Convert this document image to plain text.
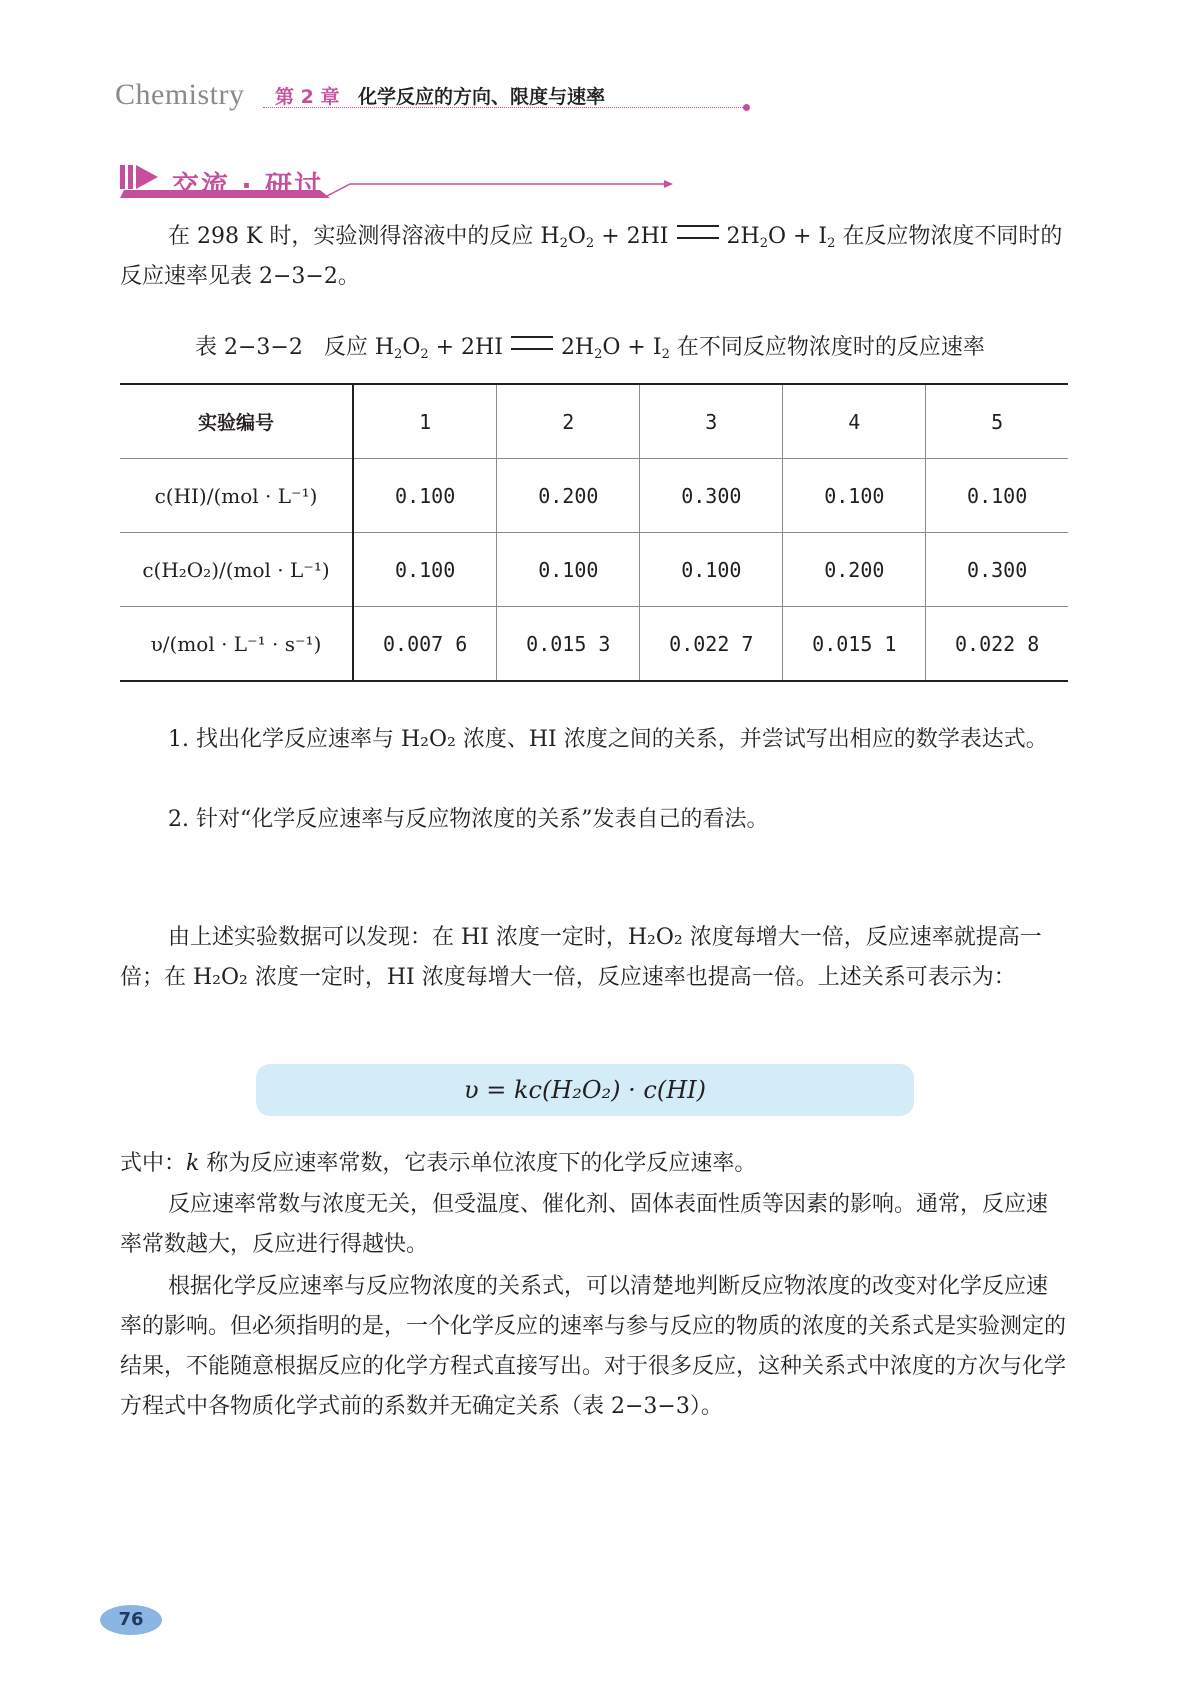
Chemistry 第 2 章 化学反应的方向、限度与速率
交流 · 研讨
在 298 K 时，实验测得溶液中的反应 $H_2O_2 + 2HI$	$2H_2O + I_2$ 在反应物浓度不同时的反应速率见表 2−3−2。
表 2−3−2 反应 $H_2O_2 + 2HI$	$2H_2O + I_2$ 在不同反应物浓度时的反应速率
实验编号	1	2	3	4	5
c(HI)/(mol · L⁻¹)	0.100	0.200	0.300	0.100	0.100
c(H₂O₂)/(mol · L⁻¹)	0.100	0.100	0.100	0.200	0.300
υ/(mol · L⁻¹ · s⁻¹)	0.007 6	0.015 3	0.022 7	0.015 1	0.022 8
1. 找出化学反应速率与 H₂O₂ 浓度、HI 浓度之间的关系，并尝试写出相应的数学表达式。
2. 针对“化学反应速率与反应物浓度的关系”发表自己的看法。
由上述实验数据可以发现：在 HI 浓度一定时，H₂O₂ 浓度每增大一倍，反应速率就提高一倍；在 H₂O₂ 浓度一定时，HI 浓度每增大一倍，反应速率也提高一倍。上述关系可表示为：
υ = kc(H₂O₂) · c(HI)
式中：k 称为反应速率常数，它表示单位浓度下的化学反应速率。
反应速率常数与浓度无关，但受温度、催化剂、固体表面性质等因素的影响。通常，反应速率常数越大，反应进行得越快。
根据化学反应速率与反应物浓度的关系式，可以清楚地判断反应物浓度的改变对化学反应速率的影响。但必须指明的是，一个化学反应的速率与参与反应的物质的浓度的关系式是实验测定的结果，不能随意根据反应的化学方程式直接写出。对于很多反应，这种关系式中浓度的方次与化学方程式中各物质化学式前的系数并无确定关系（表 2−3−3）。
76
